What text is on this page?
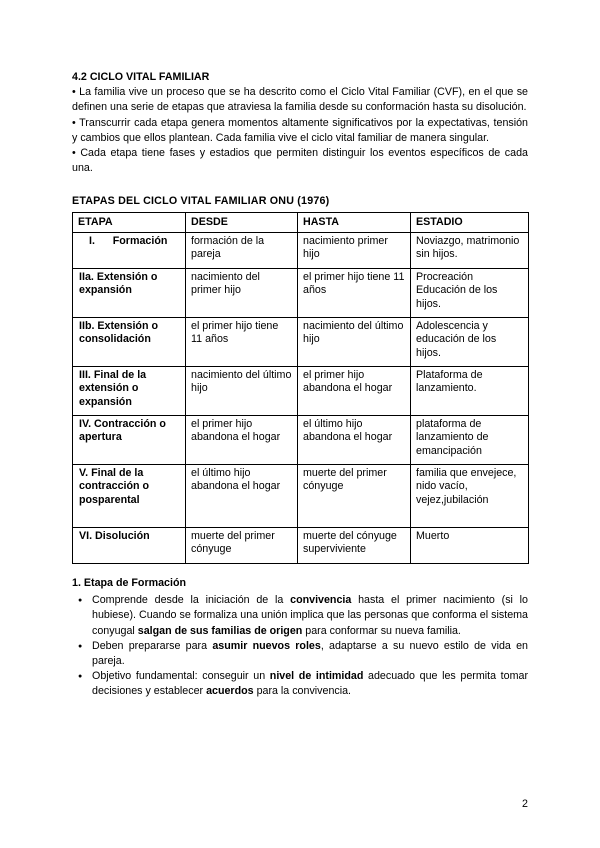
4.2 CICLO VITAL FAMILIAR

• La familia vive un proceso que se ha descrito como el Ciclo Vital Familiar (CVF), en el que se definen una serie de etapas que atraviesa la familia desde su conformación hasta su disolución.

• Transcurrir cada etapa genera momentos altamente significativos por la expectativas, tensión y cambios que ellos plantean. Cada familia vive el ciclo vital familiar de manera singular.

• Cada etapa tiene fases y estadios que permiten distinguir los eventos específicos de cada una.

ETAPAS DEL CICLO VITAL FAMILIAR ONU (1976)
ETAPA	DESDE	HASTA	ESTADIO
I.      Formación	formación de la pareja	nacimiento primer hijo	Noviazgo, matrimonio sin hijos.
IIa. Extensión o expansión	nacimiento del primer hijo	el primer hijo tiene 11 años	Procreación Educación de los hijos.
IIb. Extensión o consolidación	el primer hijo tiene 11 años	nacimiento del último hijo	Adolescencia y educación de los hijos.
III. Final de la extensión o expansión	nacimiento del último hijo	el primer hijo abandona el hogar	Plataforma de lanzamiento.
IV. Contracción o apertura	el primer hijo abandona el hogar	el último hijo abandona el hogar	plataforma de lanzamiento de emancipación
V. Final de la contracción o posparental	el último hijo abandona el hogar	muerte del primer cónyuge	familia que envejece, nido vacío, vejez,jubilación
VI. Disolución	muerte del primer cónyuge	muerte del cónyuge superviviente	Muerto
1. Etapa de Formación
● Comprende desde la iniciación de la convivencia hasta el primer nacimiento (si lo hubiese). Cuando se formaliza una unión implica que las personas que conforma el sistema conyugal salgan de sus familias de origen para conformar su nueva familia.
● Deben prepararse para asumir nuevos roles, adaptarse a su nuevo estilo de vida en pareja.
● Objetivo fundamental: conseguir un nivel de intimidad adecuado que les permita tomar decisiones y establecer acuerdos para la convivencia.
2
